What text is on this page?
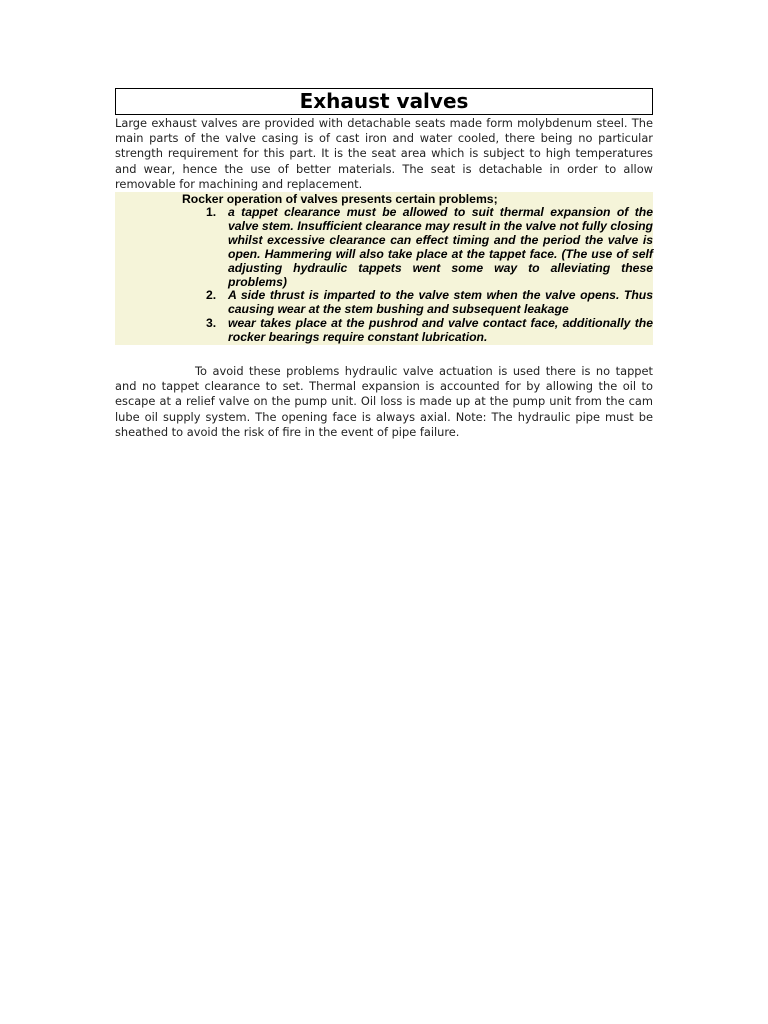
Exhaust valves

Large exhaust valves are provided with detachable seats made form molybdenum steel. The main parts of the valve casing is of cast iron and water cooled, there being no particular strength requirement for this part. It is the seat area which is subject to high temperatures and wear, hence the use of better materials. The seat is detachable in order to allow removable for machining and replacement.

Rocker operation of valves presents certain problems;
1. a tappet clearance must be allowed to suit thermal expansion of the valve stem. Insufficient clearance may result in the valve not fully closing whilst excessive clearance can effect timing and the period the valve is open. Hammering will also take place at the tappet face. (The use of self adjusting hydraulic tappets went some way to alleviating these problems)
2. A side thrust is imparted to the valve stem when the valve opens. Thus causing wear at the stem bushing and subsequent leakage
3. wear takes place at the pushrod and valve contact face, additionally the rocker bearings require constant lubrication.

To avoid these problems hydraulic valve actuation is used there is no tappet and no tappet clearance to set. Thermal expansion is accounted for by allowing the oil to escape at a relief valve on the pump unit. Oil loss is made up at the pump unit from the cam lube oil supply system. The opening face is always axial. Note: The hydraulic pipe must be sheathed to avoid the risk of fire in the event of pipe failure.
